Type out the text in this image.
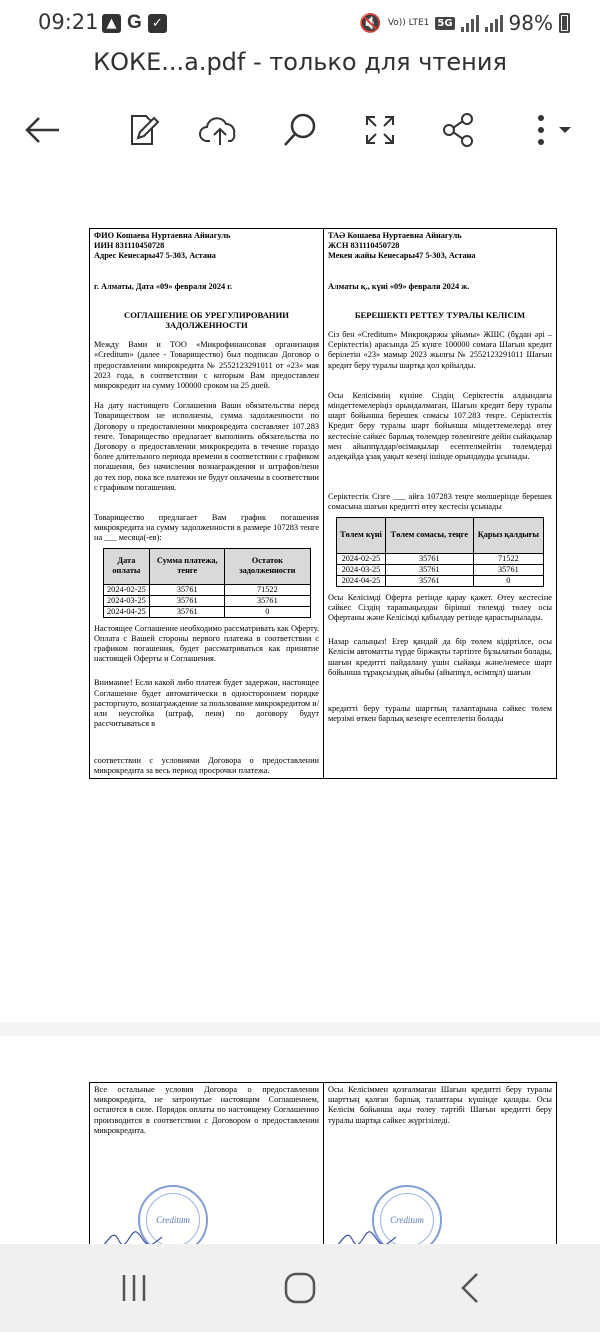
09:21 ▲ G ✓	🔇 Vo)) LTE1 5G	98%
КОКЕ...а.pdf - только для чтения
ФИО Кошаева Нуртаевна Айнагуль
ИИН 831110450728
Адрес Кенесары47 5-303, Астана
г. Алматы, Дата «09» февраля 2024 г.
СОГЛАШЕНИЕ ОБ УРЕГУЛИРОВАНИИ ЗАДОЛЖЕННОСТИ

Между Вами и ТОО «Микрофинансовая организация «Creditum» (далее - Товарищество) был подписан Договор о предоставлении микрокредита № 2552123291011 от «23» мая 2023 года, в соответствии с которым Вам предоставлен микрокредит на сумму 100000 сроком на 25 дней.

На дату настоящего Соглашения Ваши обязательства перед Товариществом не исполнены, сумма задолженности по Договору о предоставлении микрокредита составляет 107.283 тенге. Товарищество предлагает выполнить обязательства по Договору о предоставлении микрокредита в течение гораздо более длительного периода времени в соответствии с графиком погашения, без начисления вознаграждения и штрафов/пени до тех пор, пока все платежи не будут оплачены в соответствии с графиком погашения.

Товарищество предлагает Вам график погашения микрокредита на сумму задолженности в размере 107283 тенге на ___ месяца(-ев):

Дата оплаты	Сумма платежа, тенге	Остаток задолженности
2024-02-25	35761	71522
2024-03-25	35761	35761
2024-04-25	35761	0

Настоящее Соглашение необходимо рассматривать как Оферту. Оплата с Вашей стороны первого платежа в соответствии с графиком погашения, будет рассматриваться как принятие настоящей Оферты и Соглашения.

Внимание! Если какой либо платеж будет задержан, настоящее Соглашение будет автоматически в одностороннем порядке расторгнуто, вознаграждение за пользование микрокредитом и/или неустойка (штраф, пеня) по договору будут рассчитываться в

соответствии с условиями Договора о предоставлении микрокредита за весь период просрочки платежа.

ТАӘ Кошаева Нуртаевна Айнагуль
ЖСН 831110450728
Мекен жайы Кенесары47 5-303, Астана
Алматы қ., күні «09» февраля 2024 ж.
БЕРЕШЕКТІ РЕТТЕУ ТУРАЛЫ КЕЛІСІМ

Сіз бен «Creditum» Микроқаржы ұйымы» ЖШС (бұдан әрі – Серіктестік) арасында 25 күнге 100000 сомаға Шағын кредит берілетін «23» мамыр 2023 жылғы № 2552123291011 Шағын кредит беру туралы шартқа қол қойылды.

Осы Келісімнің күніне Сіздің Серіктестік алдындағы міндеттемелеріңіз орындалмаған, Шағын кредит беру туралы шарт бойынша берешек сомасы 107.283 теңге. Серіктестік Кредит беру туралы шарт бойынша міндеттемелерді өтеу кестесіне сәйкес барлық төлемдер төленгенге дейін сыйақылар мен айыппұлдар/өсімақылар есептелмейтін төлемдерді әлдеқайда ұзақ уақыт кезеңі ішінде орындауды ұсынады.

Серіктестік Сізге ___ айға 107283 теңге мөлшерінде берешек сомасына шағын кредитті өтеу кестесін ұсынады

Төлем күні	Төлем сомасы, теңге	Қарыз қалдығы
2024-02-25	35761	71522
2024-03-25	35761	35761
2024-04-25	35761	0

Осы Келісімді Оферта ретінде қарау қажет. Өтеу кестесіне сәйкес Сіздің тарапыңыздан бірінші төлемді төлеу осы Офертаны және Келісімді қабылдау ретінде қарастырылады.

Назар салыңыз! Егер қандай да бір төлем кідіртілсе, осы Келісім автоматты түрде біржақты тәртіпте бұзылатын болады, шағын кредитті пайдалану үшін сыйақы және/немесе шарт бойынша тұрақсыздық айыбы (айыппұл, өсімпұл) шағын

кредитті беру туралы шарттың талаптарына сәйкес төлем мерзімі өткен барлық кезеңге есептелетін болады

Все остальные условия Договора о предоставлении микрокредита, не затронутые настоящим Соглашением, остаются в силе. Порядок оплаты по настоящему Соглашению производится в соответствии с Договором о предоставлении микрокредита.

Creditum

Осы Келісіммен қозғалмаған Шағын кредитті беру туралы шарттың қалған барлық талаптары күшінде қалады. Осы Келісім бойынша ақы төлеу тәртібі Шағын кредитті беру туралы шартқа сәйкес жүргізіледі.

Creditum
